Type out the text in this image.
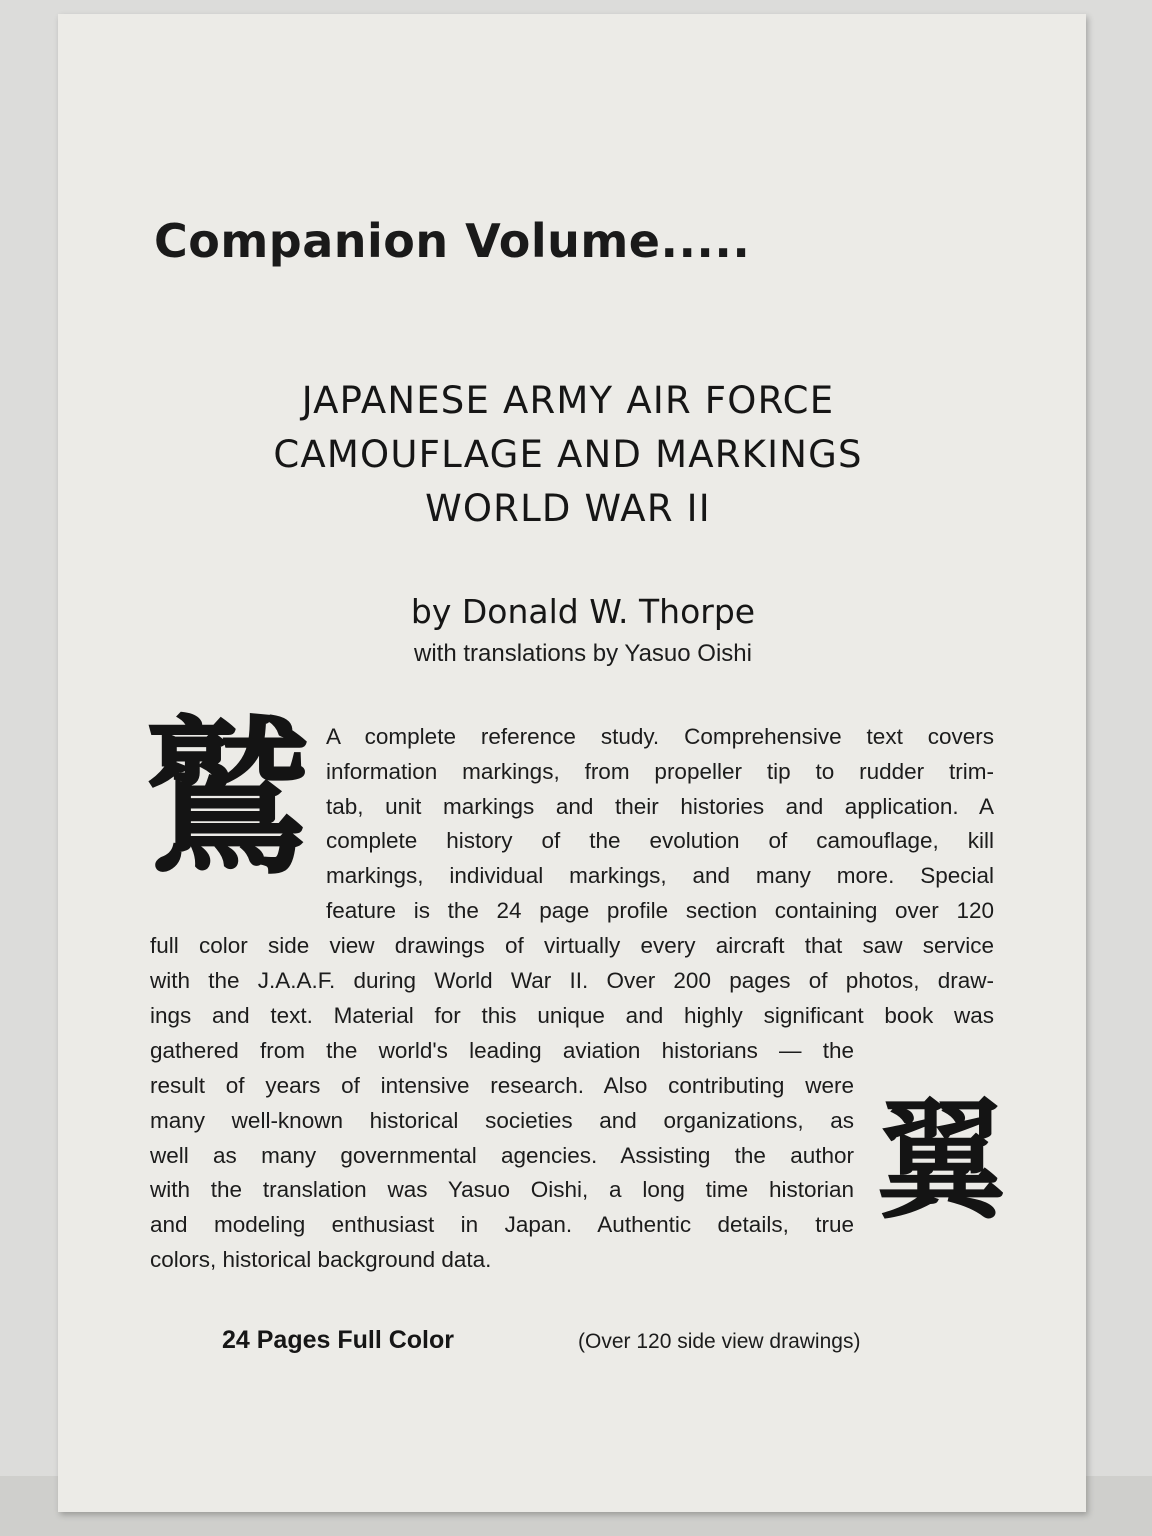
Companion Volume.....
JAPANESE ARMY AIR FORCE
CAMOUFLAGE AND MARKINGS
WORLD WAR II
by Donald W. Thorpe
with translations by Yasuo Oishi
鷲
翼
A complete reference study. Comprehensive text covers
information markings, from propeller tip to rudder trim-
tab, unit markings and their histories and application. A
complete history of the evolution of camouflage, kill
markings, individual markings, and many more. Special
feature is the 24 page profile section containing over 120
full color side view drawings of virtually every aircraft that saw service
with the J.A.A.F. during World War II. Over 200 pages of photos, draw-
ings and text. Material for this unique and highly significant book was
gathered from the world's leading aviation historians — the
result of years of intensive research. Also contributing were
many well-known historical societies and organizations, as
well as many governmental agencies. Assisting the author
with the translation was Yasuo Oishi, a long time historian
and modeling enthusiast in Japan. Authentic details, true
colors, historical background data.
24 Pages Full Color	(Over 120 side view drawings)
